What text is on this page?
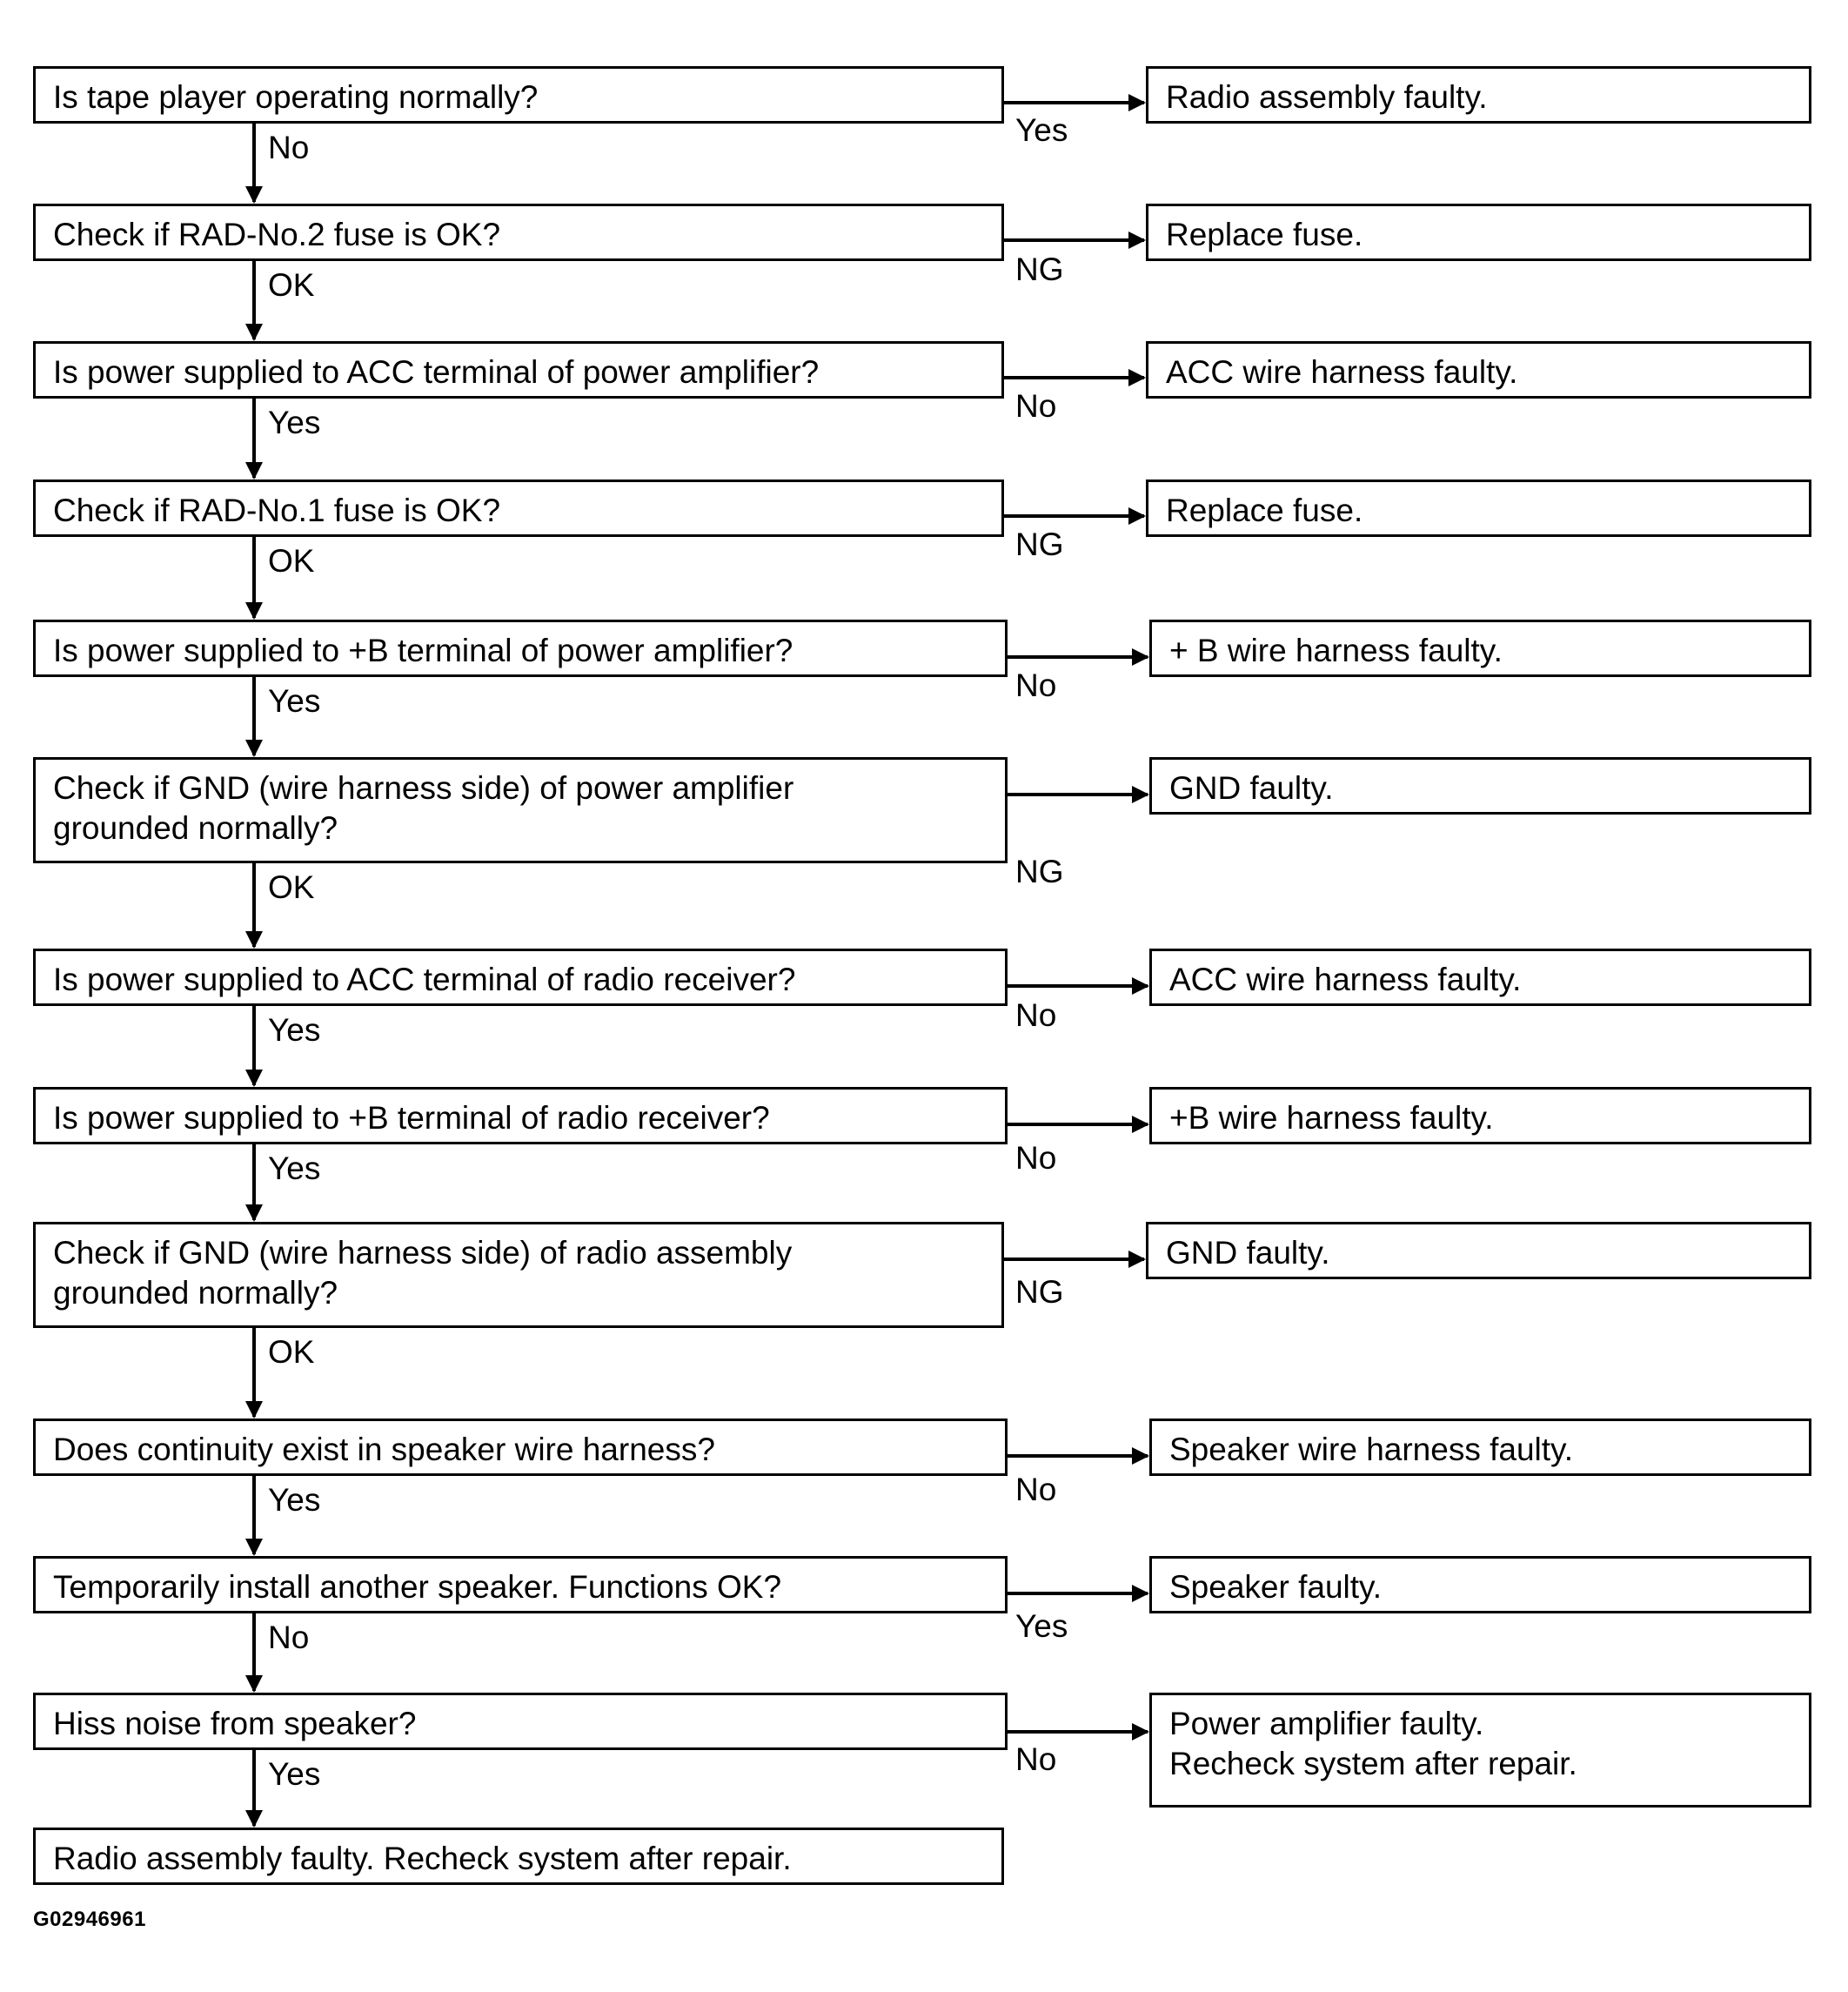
Is tape player operating normally?	Radio assembly faulty.
Yes
No
Check if RAD-No.2 fuse is OK?	Replace fuse.
NG
OK
Is power supplied to ACC terminal of power amplifier?	ACC wire harness faulty.
No
Yes
Check if RAD-No.1 fuse is OK?	Replace fuse.
NG
OK
Is power supplied to +B terminal of power amplifier?	+ B wire harness faulty.
No
Yes
Check if GND (wire harness side) of power amplifier
grounded normally?
GND faulty.
NG
OK
Is power supplied to ACC terminal of radio receiver?	ACC wire harness faulty.
No
Yes
Is power supplied to +B terminal of radio receiver?	+B wire harness faulty.
No
Yes
Check if GND (wire harness side) of radio assembly
grounded normally?
GND faulty.
NG
OK
Does continuity exist in speaker wire harness?	Speaker wire harness faulty.
No
Yes
Temporarily install another speaker. Functions OK?	Speaker faulty.
Yes
No
Hiss noise from speaker?	Power amplifier faulty.
Recheck system after repair.
No
Yes
Radio assembly faulty. Recheck system after repair.
G02946961
